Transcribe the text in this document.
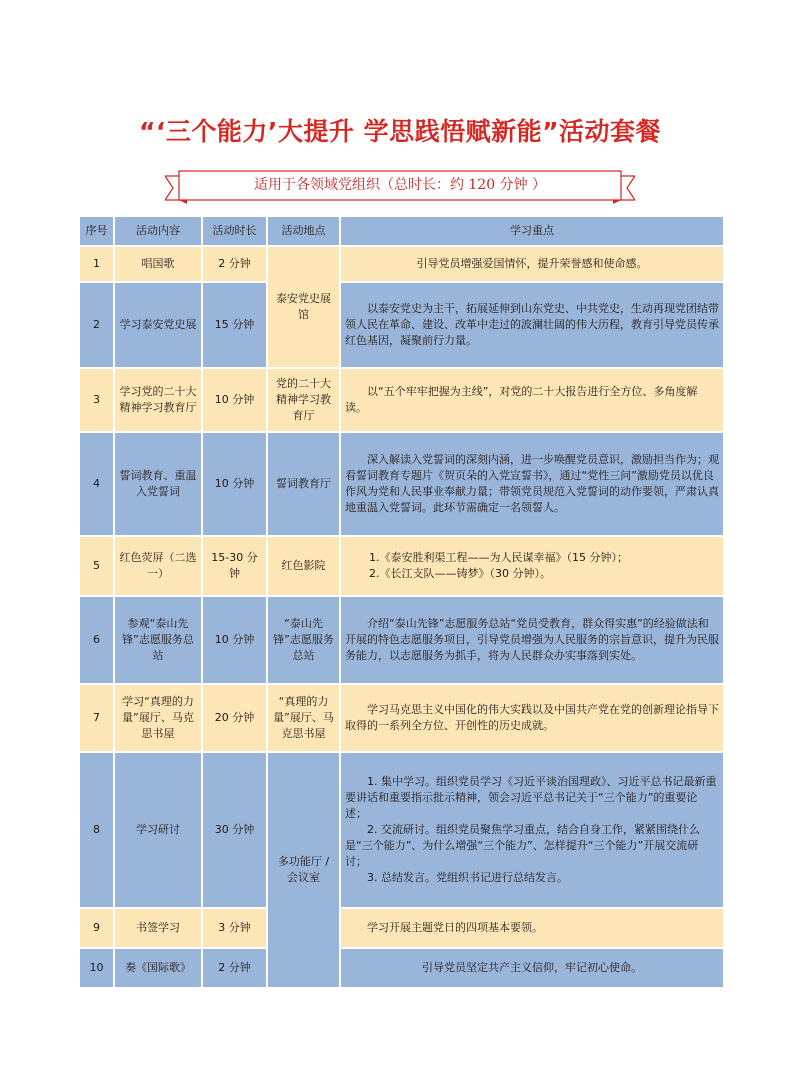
“‘三个能力’大提升 学思践悟赋新能”活动套餐
适用于各领域党组织（总时长：约 120 分钟 ）
序号	活动内容	活动时长	活动地点	学习重点
1	唱国歌	2 分钟	泰安党史展馆	引导党员增强爱国情怀，提升荣誉感和使命感。
2	学习泰安党史展	15 分钟		以泰安党史为主干，拓展延伸到山东党史、中共党史，生动再现党团结带领人民在革命、建设、改革中走过的波澜壮阔的伟大历程，教育引导党员传承红色基因，凝聚前行力量。

3	学习党的二十大精神学习教育厅	10 分钟	党的二十大精神学习教育厅	以“五个牢牢把握为主线”，对党的二十大报告进行全方位、多角度解读。

4	誓词教育、重温入党誓词	10 分钟	誓词教育厅	深入解读入党誓词的深刻内涵，进一步唤醒党员意识，激励担当作为；观看誓词教育专题片《贺页朵的入党宣誓书》，通过“党性三问”激励党员以优良作风为党和人民事业奉献力量；带领党员规范入党誓词的动作要领，严肃认真地重温入党誓词。此环节需确定一名领誓人。

5	红色荧屏（二选一）	15-30 分钟	红色影院	1.《泰安胜利渠工程——为人民谋幸福》（15 分钟）；
2.《长江支队——铸梦》（30 分钟）。

6	参观“泰山先锋”志愿服务总站	10 分钟	“泰山先锋”志愿服务总站	介绍“泰山先锋”志愿服务总站“党员受教育，群众得实惠”的经验做法和开展的特色志愿服务项目，引导党员增强为人民服务的宗旨意识，提升为民服务能力，以志愿服务为抓手，将为人民群众办实事落到实处。

7	学习“真理的力量”展厅、马克思书屋	20 分钟	“真理的力量”展厅、马克思书屋	学习马克思主义中国化的伟大实践以及中国共产党在党的创新理论指导下取得的一系列全方位、开创性的历史成就。

8	学习研讨	30 分钟	多功能厅 / 会议室	1. 集中学习。组织党员学习《习近平谈治国理政》、习近平总书记最新重要讲话和重要指示批示精神，领会习近平总书记关于“三个能力”的重要论述；
2. 交流研讨。组织党员聚焦学习重点，结合自身工作，紧紧围绕什么是“三个能力”、为什么增强“三个能力”、怎样提升“三个能力”开展交流研讨；
3. 总结发言。党组织书记进行总结发言。

9	书签学习	3 分钟		学习开展主题党日的四项基本要领。

10	奏《国际歌》	2 分钟		引导党员坚定共产主义信仰，牢记初心使命。
